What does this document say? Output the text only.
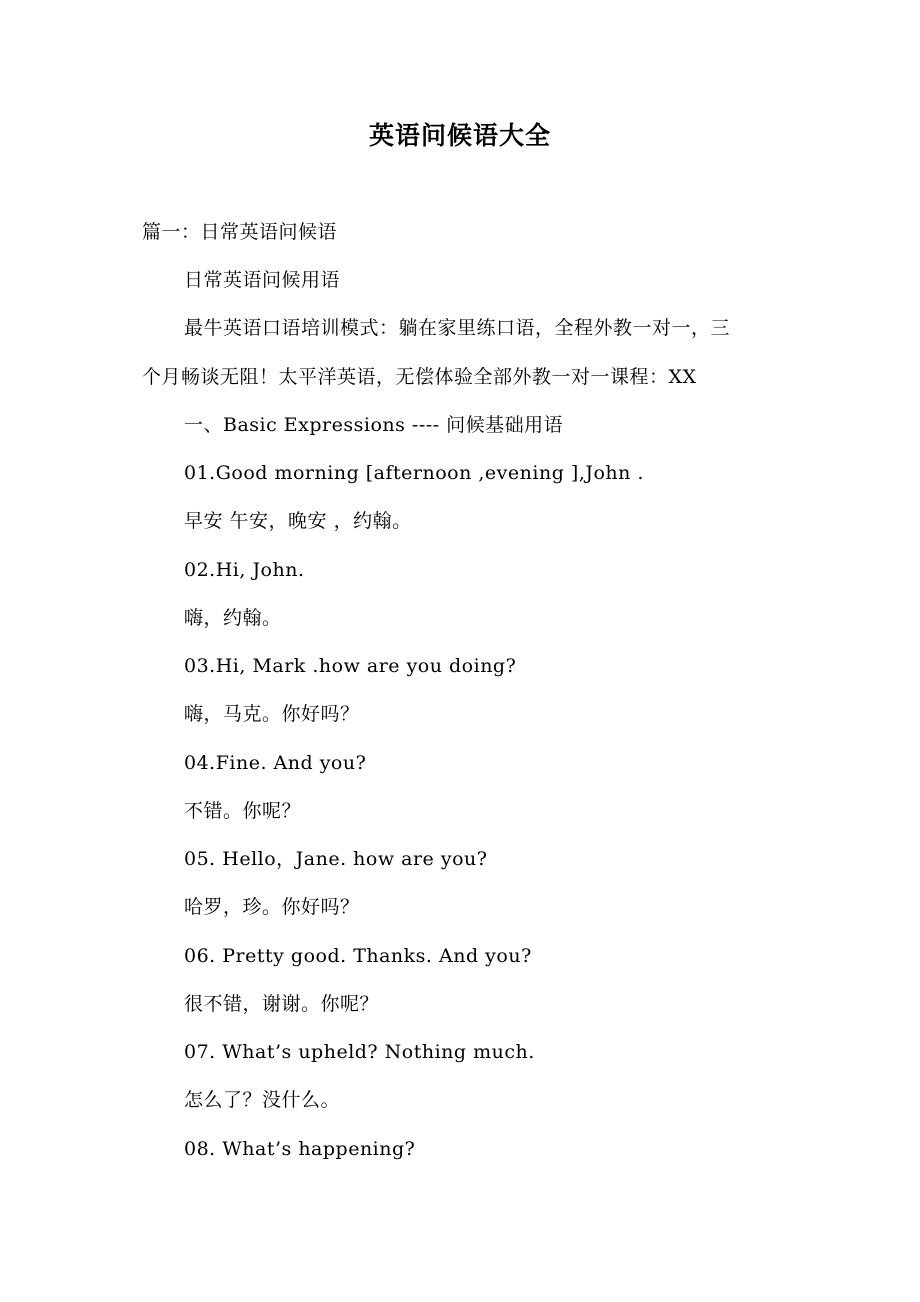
英语问候语大全
篇一：日常英语问候语
日常英语问候用语
最牛英语口语培训模式：躺在家里练口语，全程外教一对一，三
个月畅谈无阻！太平洋英语，无偿体验全部外教一对一课程：XX
一、Basic Expressions ---- 问候基础用语
01.Good morning [afternoon ,evening ],John .
早安 午安，晚安 ，约翰。
02.Hi, John.
嗨，约翰。
03.Hi, Mark .how are you doing?
嗨，马克。你好吗？
04.Fine. And you?
不错。你呢？
05. Hello，Jane. how are you?
哈罗，珍。你好吗？
06. Pretty good. Thanks. And you?
很不错，谢谢。你呢？
07. What’s upheld? Nothing much.
怎么了？没什么。
08. What’s happening?
